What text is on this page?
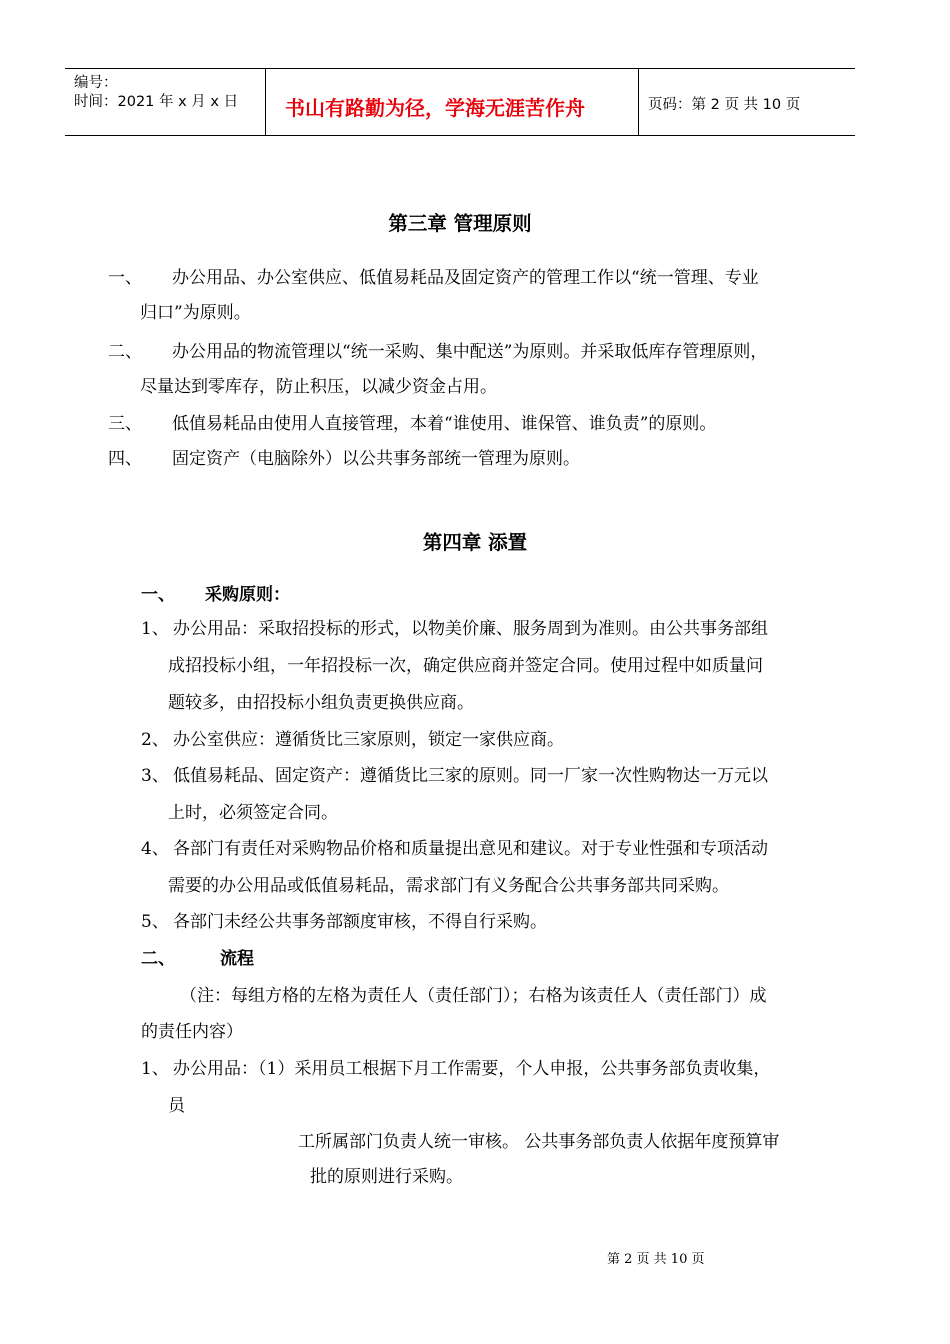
编号：
时间：2021 年 x 月 x 日 书山有路勤为径，学海无涯苦作舟	页码：第 2 页 共 10 页
第三章 管理原则
一、 办公用品、办公室供应、低值易耗品及固定资产的管理工作以“统一管理、专业
归口”为原则。
二、 办公用品的物流管理以“统一采购、集中配送”为原则。并采取低库存管理原则，
尽量达到零库存，防止积压，以减少资金占用。
三、 低值易耗品由使用人直接管理，本着“谁使用、谁保管、谁负责”的原则。
四、 固定资产（电脑除外）以公共事务部统一管理为原则。
第四章 添置
一、 采购原则：
1、 办公用品：采取招投标的形式，以物美价廉、服务周到为准则。由公共事务部组
成招投标小组，一年招投标一次，确定供应商并签定合同。使用过程中如质量问
题较多，由招投标小组负责更换供应商。
2、 办公室供应：遵循货比三家原则，锁定一家供应商。
3、 低值易耗品、固定资产：遵循货比三家的原则。同一厂家一次性购物达一万元以
上时，必须签定合同。
4、 各部门有责任对采购物品价格和质量提出意见和建议。对于专业性强和专项活动
需要的办公用品或低值易耗品，需求部门有义务配合公共事务部共同采购。
5、 各部门未经公共事务部额度审核，不得自行采购。
二、	流程
（注：每组方格的左格为责任人（责任部门）；右格为该责任人（责任部门）成
的责任内容）
1、 办公用品：（1）采用员工根据下月工作需要，个人申报，公共事务部负责收集，
员
工所属部门负责人统一审核。 公共事务部负责人依据年度预算审
批的原则进行采购。
第 2 页 共 10 页
